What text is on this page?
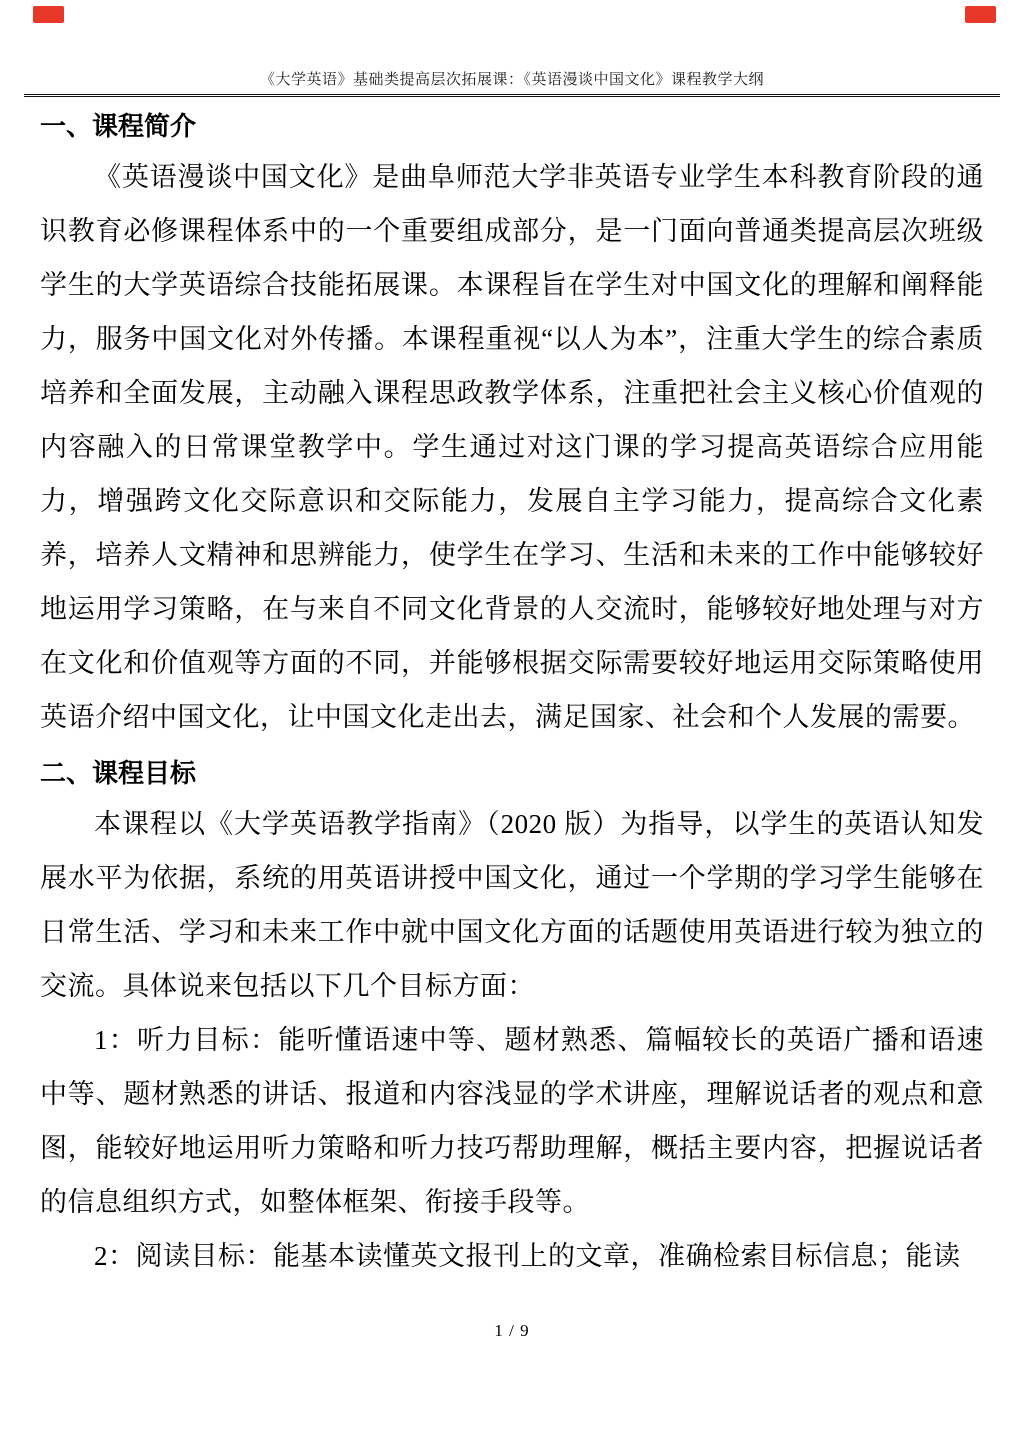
《大学英语》基础类提高层次拓展课：《英语漫谈中国文化》课程教学大纲
一、课程简介

《英语漫谈中国文化》是曲阜师范大学非英语专业学生本科教育阶段的通识教育必修课程体系中的一个重要组成部分，是一门面向普通类提高层次班级学生的大学英语综合技能拓展课。本课程旨在学生对中国文化的理解和阐释能力，服务中国文化对外传播。本课程重视“以人为本”，注重大学生的综合素质培养和全面发展，主动融入课程思政教学体系，注重把社会主义核心价值观的内容融入的日常课堂教学中。学生通过对这门课的学习提高英语综合应用能力，增强跨文化交际意识和交际能力，发展自主学习能力，提高综合文化素养，培养人文精神和思辨能力，使学生在学习、生活和未来的工作中能够较好地运用学习策略，在与来自不同文化背景的人交流时，能够较好地处理与对方在文化和价值观等方面的不同，并能够根据交际需要较好地运用交际策略使用英语介绍中国文化，让中国文化走出去，满足国家、社会和个人发展的需要。

二、课程目标

本课程以《大学英语教学指南》（2020 版）为指导，以学生的英语认知发展水平为依据，系统的用英语讲授中国文化，通过一个学期的学习学生能够在日常生活、学习和未来工作中就中国文化方面的话题使用英语进行较为独立的交流。具体说来包括以下几个目标方面：

1：听力目标：能听懂语速中等、题材熟悉、篇幅较长的英语广播和语速中等、题材熟悉的讲话、报道和内容浅显的学术讲座，理解说话者的观点和意图，能较好地运用听力策略和听力技巧帮助理解，概括主要内容，把握说话者的信息组织方式，如整体框架、衔接手段等。

2：阅读目标：能基本读懂英文报刊上的文章，准确检索目标信息；能读

1 / 9
